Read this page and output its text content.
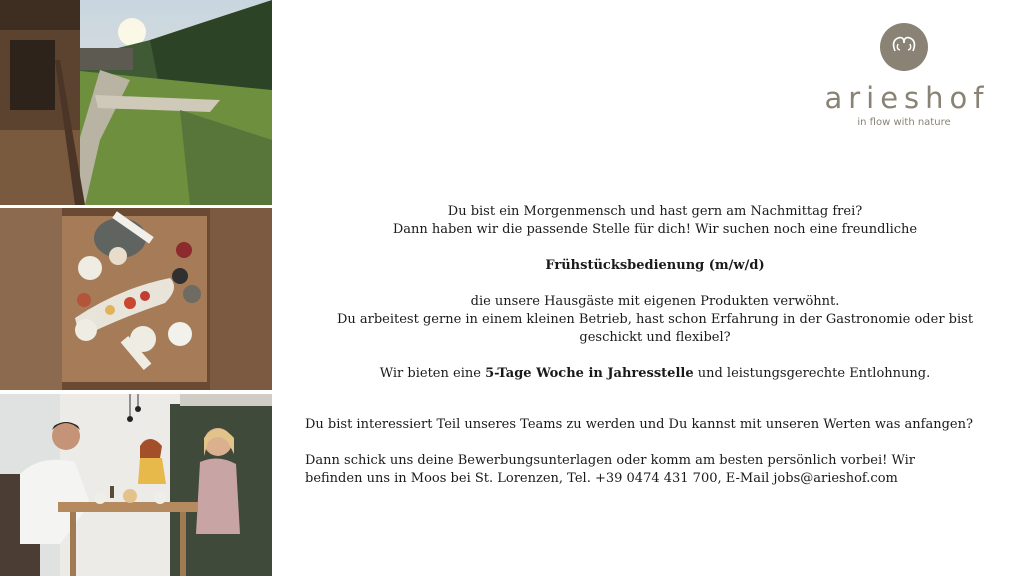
arieshof
in flow with nature
Du bist ein Morgenmensch und hast gern am Nachmittag frei?
Dann haben wir die passende Stelle für dich! Wir suchen noch eine freundliche
Frühstücksbedienung (m/w/d)
die unsere Hausgäste mit eigenen Produkten verwöhnt.
Du arbeitest gerne in einem kleinen Betrieb, hast schon Erfahrung in der Gastronomie oder bist
geschickt und flexibel?
Wir bieten eine 5-Tage Woche in Jahresstelle und leistungsgerechte Entlohnung.
Du bist interessiert Teil unseres Teams zu werden und Du kannst mit unseren Werten was anfangen?
Dann schick uns deine Bewerbungsunterlagen oder komm am besten persönlich vorbei! Wir
befinden uns in Moos bei St. Lorenzen, Tel. +39 0474 431 700, E-Mail jobs@arieshof.com
